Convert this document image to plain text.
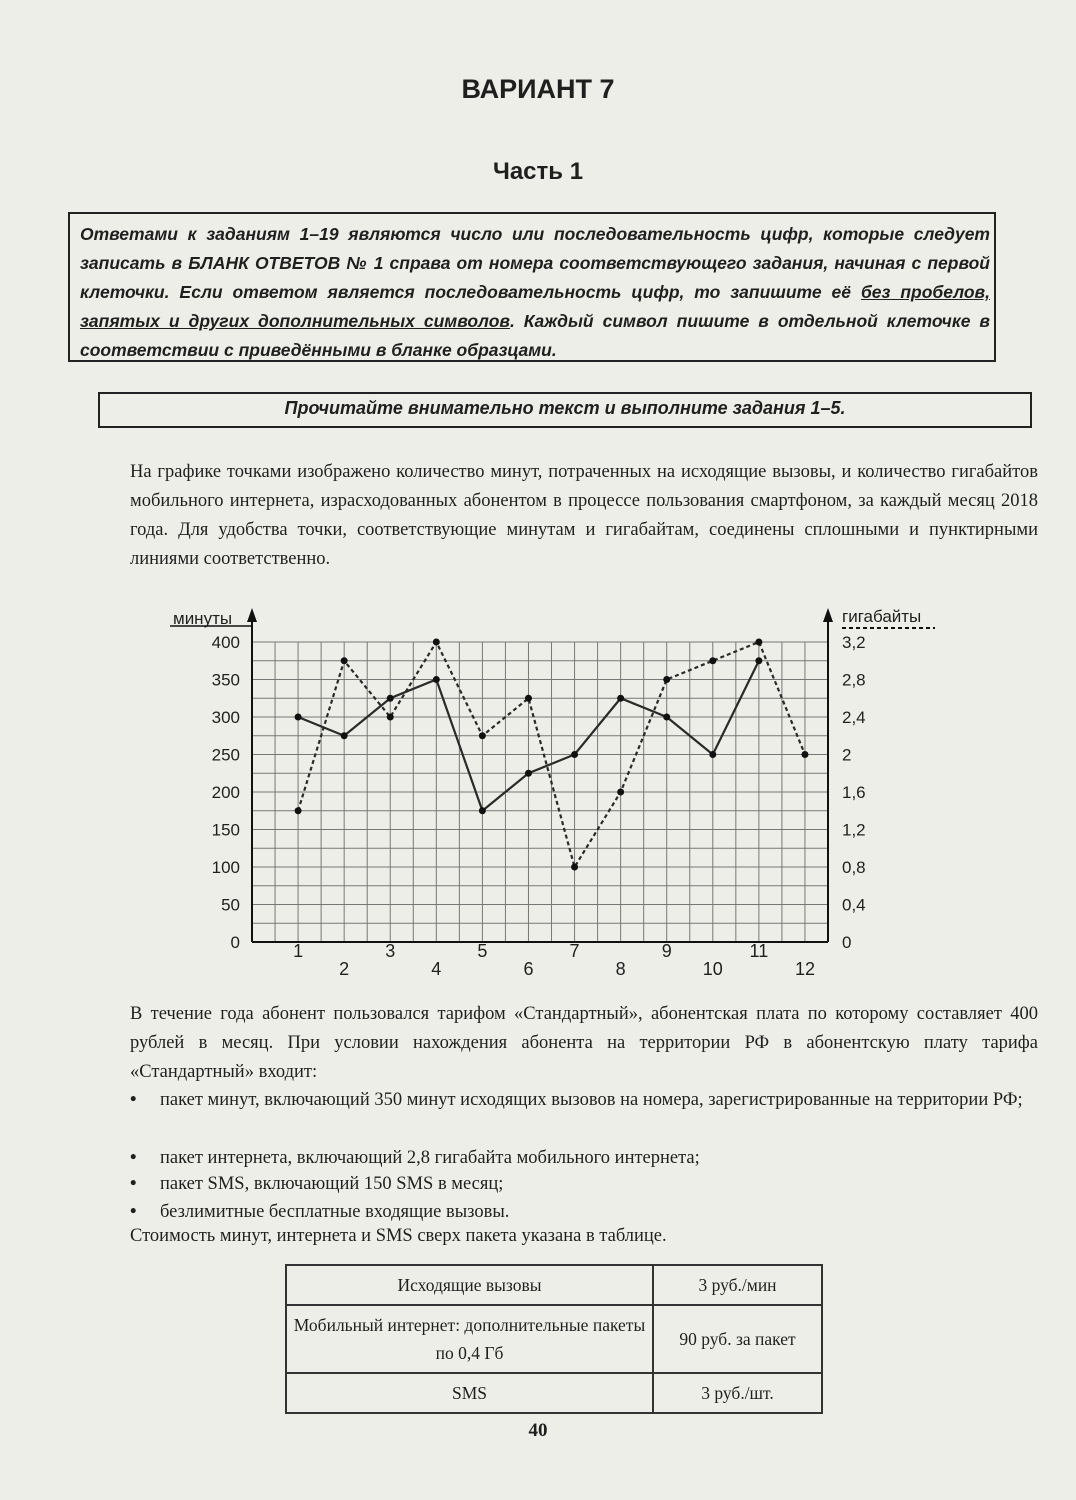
ВАРИАНТ 7
Часть 1
Ответами к заданиям 1–19 являются число или последовательность цифр, которые следует записать в БЛАНК ОТВЕТОВ № 1 справа от номера соответствующего задания, начиная с первой клеточки. Если ответом является последовательность цифр, то запишите её без пробелов, запятых и других дополнительных символов. Каждый символ пишите в отдельной клеточке в соответствии с приведёнными в бланке образцами.
Прочитайте внимательно текст и выполните задания 1–5.
На графике точками изображено количество минут, потраченных на исходящие вызовы, и количество гигабайтов мобильного интернета, израсходованных абонентом в процессе пользования смартфоном, за каждый месяц 2018 года. Для удобства точки, соответствующие минутам и гигабайтам, соединены сплошными и пунктирными линиями соответственно.
0
50
100
150
200
250
300
350
400
0
0,4
0,8
1,2
1,6
2
2,4
2,8
3,2
1
2
3
4
5
6
7
8
9
10
11
12
минуты	гигабайты
В течение года абонент пользовался тарифом «Стандартный», абонентская плата по которому составляет 400 рублей в месяц. При условии нахождения абонента на территории РФ в абонентскую плату тарифа «Стандартный» входит:
• пакет минут, включающий 350 минут исходящих вызовов на номера, зарегистрированные на территории РФ;
• пакет интернета, включающий 2,8 гигабайта мобильного интернета;
• пакет SMS, включающий 150 SMS в месяц;
• безлимитные бесплатные входящие вызовы.
Стоимость минут, интернета и SMS сверх пакета указана в таблице.
Исходящие вызовы	3 руб./мин
Мобильный интернет: дополнительные пакеты по 0,4 Гб	90 руб. за пакет
SMS	3 руб./шт.
40
